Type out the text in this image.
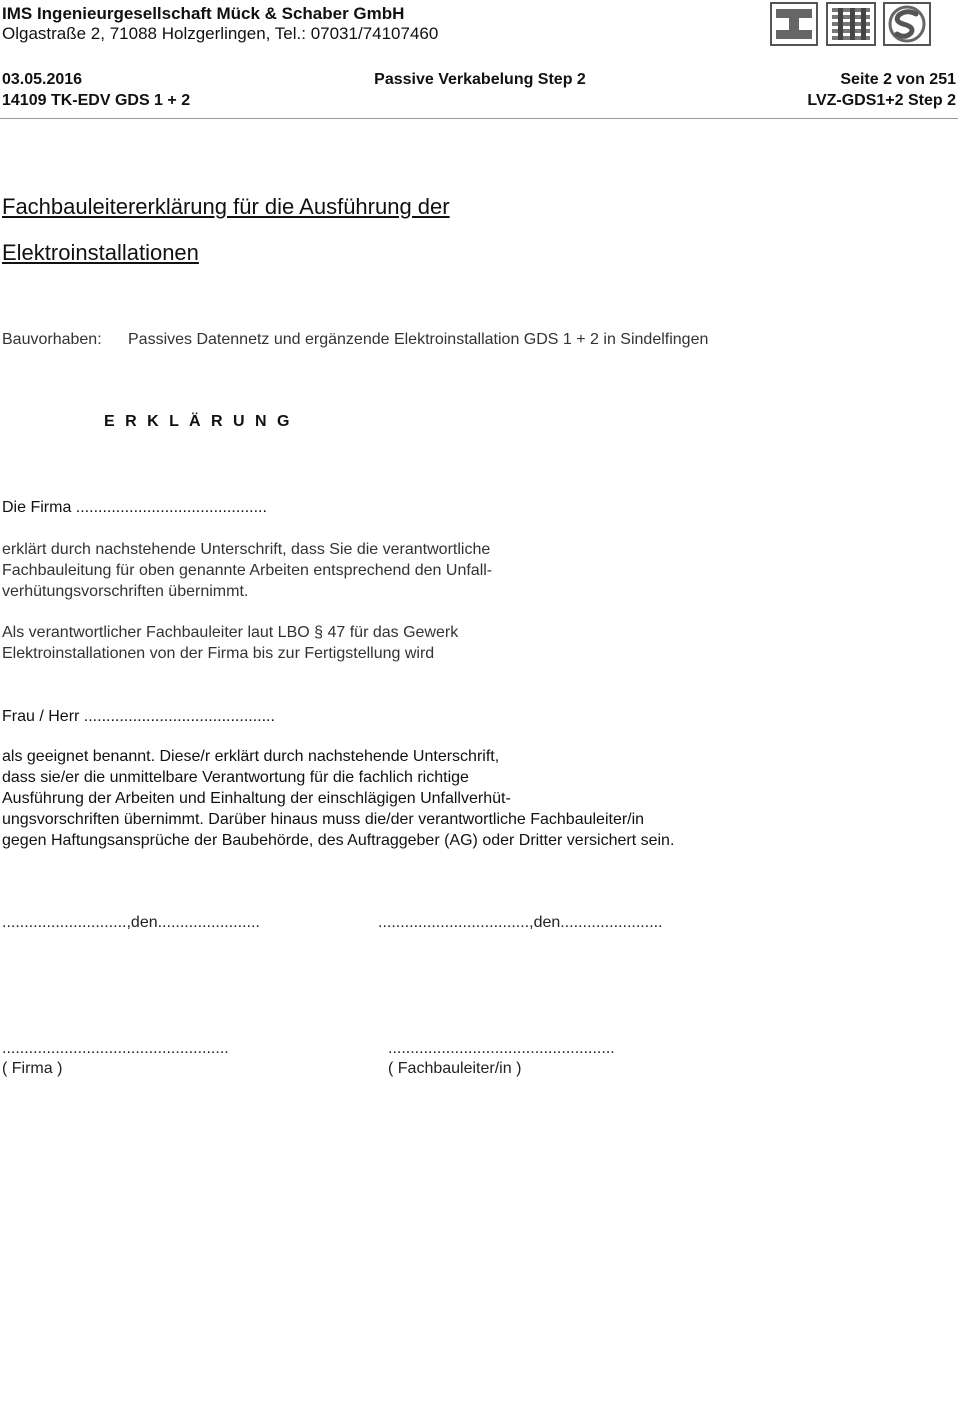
IMS Ingenieurgesellschaft Mück & Schaber GmbH
Olgastraße 2, 71088 Holzgerlingen, Tel.: 07031/74107460
03.05.2016
14109 TK-EDV GDS 1 + 2
Passive Verkabelung Step 2	Seite 2 von 251
LVZ-GDS1+2 Step 2
Fachbauleitererklärung für die Ausführung der
Elektroinstallationen
Bauvorhaben: Passives Datennetz und ergänzende Elektroinstallation GDS 1 + 2 in Sindelfingen
E R K L Ä R U N G
Die Firma ...........................................
erklärt durch nachstehende Unterschrift, dass Sie die verantwortliche
Fachbauleitung für oben genannte Arbeiten entsprechend den Unfall-
verhütungsvorschriften übernimmt.
Als verantwortlicher Fachbauleiter laut LBO § 47 für das Gewerk
Elektroinstallationen von der Firma bis zur Fertigstellung wird
Frau / Herr ...........................................
als geeignet benannt. Diese/r erklärt durch nachstehende Unterschrift,
dass sie/er die unmittelbare Verantwortung für die fachlich richtige
Ausführung der Arbeiten und Einhaltung der einschlägigen Unfallverhüt-
ungsvorschriften übernimmt. Darüber hinaus muss die/der verantwortliche Fachbauleiter/in
gegen Haftungsansprüche der Baubehörde, des Auftraggeber (AG) oder Dritter versichert sein.
............................,den.......................	..................................,den.......................
...................................................	...................................................
( Firma )	( Fachbauleiter/in )
